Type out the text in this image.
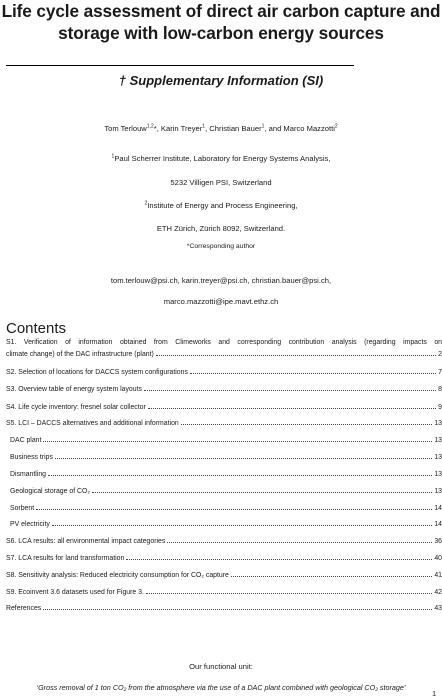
Life cycle assessment of direct air carbon capture and
storage with low-carbon energy sources
† Supplementary Information (SI)
Tom Terlouw$^{1,2}$*, Karin Treyer$^1$, Christian Bauer$^1$, and Marco Mazzotti$^2$
$^1$Paul Scherrer Institute, Laboratory for Energy Systems Analysis,
5232 Villigen PSI, Switzerland
$^2$Institute of Energy and Process Engineering,
ETH Zürich, Zürich 8092, Switzerland.
*Corresponding author
tom.terlouw@psi.ch, karin.treyer@psi.ch, christian.bauer@psi.ch,
marco.mazzotti@ipe.mavt.ethz.ch
Contents
S1. Verification of information obtained from Climeworks and corresponding contribution analysis (regarding impacts on
climate change) of the DAC infrastructure (plant)	2
S2. Selection of locations for DACCS system configurations	7
S3. Overview table of energy system layouts	8
S4. Life cycle inventory: fresnel solar collector	9
S5. LCI – DACCS alternatives and additional information	13
DAC plant	13
Business trips	13
Dismantling	13
Geological storage of CO₂	13
Sorbent	14
PV electricity	14
S6. LCA results: all environmental impact categories	36
S7. LCA results for land transformation	40
S8. Sensitivity analysis: Reduced electricity consumption for CO₂ capture	41
S9. Ecoinvent 3.6 datasets used for Figure 3.	42
References	43
Our functional unit:
‘Gross removal of 1 ton CO₂ from the atmosphere via the use of a DAC plant combined with geological CO₂ storage’
1
